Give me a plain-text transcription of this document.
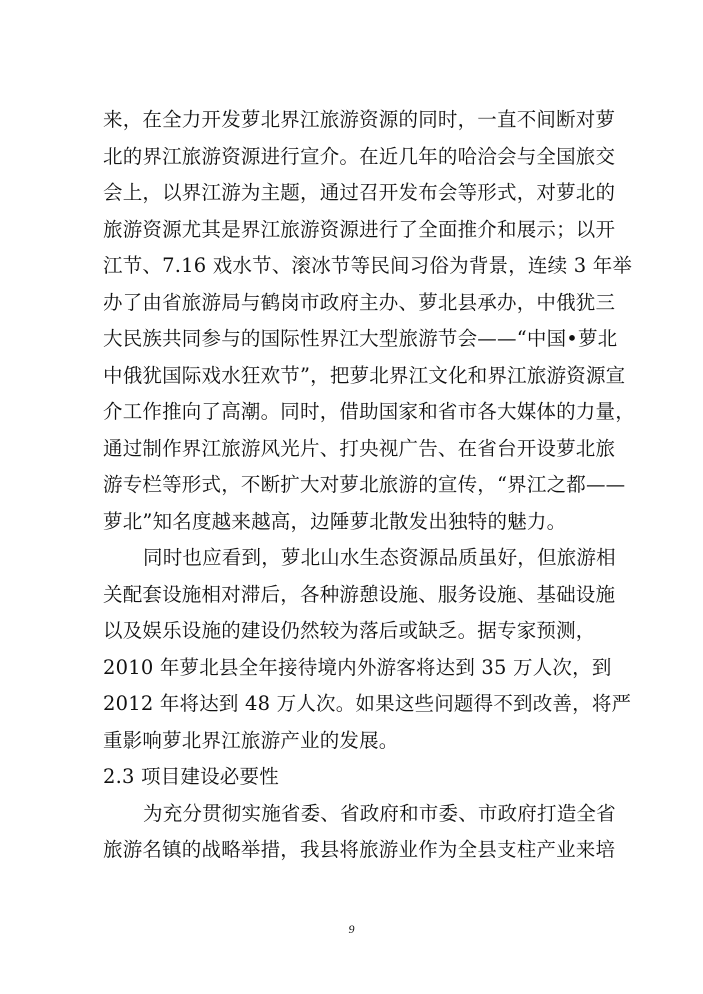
来，在全力开发萝北界江旅游资源的同时，一直不间断对萝
北的界江旅游资源进行宣介。在近几年的哈洽会与全国旅交
会上，以界江游为主题，通过召开发布会等形式，对萝北的
旅游资源尤其是界江旅游资源进行了全面推介和展示；以开
江节、7.16 戏水节、滚冰节等民间习俗为背景，连续 3 年举
办了由省旅游局与鹤岗市政府主办、萝北县承办，中俄犹三
大民族共同参与的国际性界江大型旅游节会——“中国•萝北
中俄犹国际戏水狂欢节”，把萝北界江文化和界江旅游资源宣
介工作推向了高潮。同时，借助国家和省市各大媒体的力量，
通过制作界江旅游风光片、打央视广告、在省台开设萝北旅
游专栏等形式，不断扩大对萝北旅游的宣传，“界江之都——
萝北”知名度越来越高，边陲萝北散发出独特的魅力。
同时也应看到，萝北山水生态资源品质虽好，但旅游相
关配套设施相对滞后，各种游憩设施、服务设施、基础设施
以及娱乐设施的建设仍然较为落后或缺乏。据专家预测，
2010 年萝北县全年接待境内外游客将达到 35 万人次，到
2012 年将达到 48 万人次。如果这些问题得不到改善，将严
重影响萝北界江旅游产业的发展。
2.3 项目建设必要性
为充分贯彻实施省委、省政府和市委、市政府打造全省
旅游名镇的战略举措，我县将旅游业作为全县支柱产业来培
9
